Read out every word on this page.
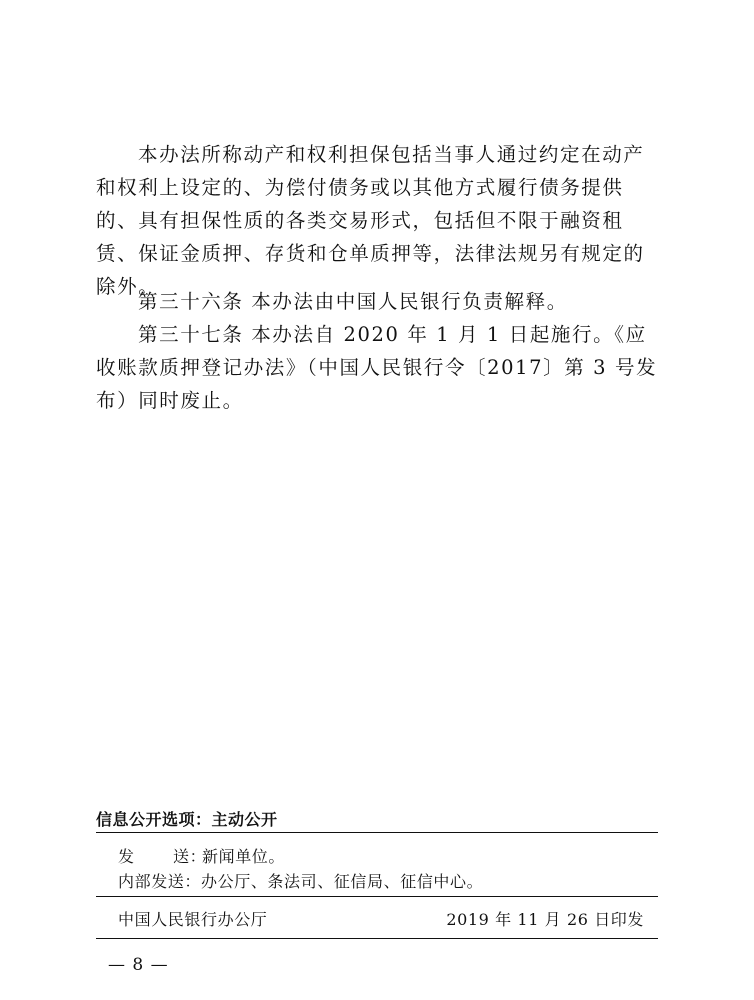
本办法所称动产和权利担保包括当事人通过约定在动产和权利上设定的、为偿付债务或以其他方式履行债务提供的、具有担保性质的各类交易形式，包括但不限于融资租赁、保证金质押、存货和仓单质押等，法律法规另有规定的除外。

第三十六条 本办法由中国人民银行负责解释。

第三十七条 本办法自 2020 年 1 月 1 日起施行。《应收账款质押登记办法》（中国人民银行令〔2017〕第 3 号发布）同时废止。

信息公开选项：主动公开

发 送：新闻单位。

内部发送：办公厅、条法司、征信局、征信中心。

中国人民银行办公厅	2019 年 11 月 26 日印发

— 8 —
